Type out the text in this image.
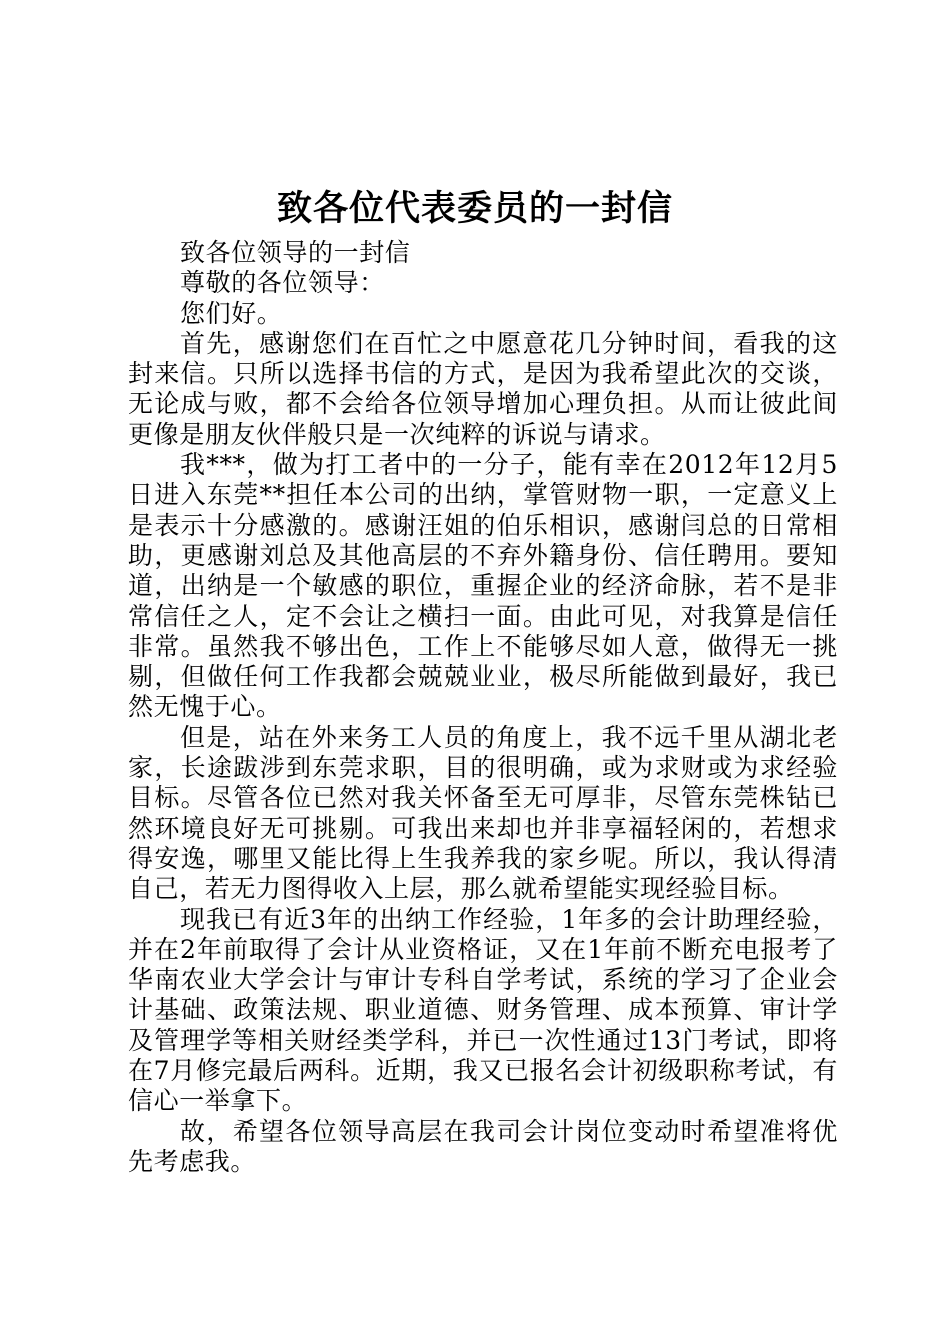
致各位代表委员的一封信

致各位领导的一封信

尊敬的各位领导：

您们好。

首先，感谢您们在百忙之中愿意花几分钟时间，看我的这封来信。只所以选择书信的方式，是因为我希望此次的交谈，无论成与败，都不会给各位领导增加心理负担。从而让彼此间更像是朋友伙伴般只是一次纯粹的诉说与请求。

我***，做为打工者中的一分子，能有幸在2012年12月5日进入东莞**担任本公司的出纳，掌管财物一职，一定意义上是表示十分感激的。感谢汪姐的伯乐相识，感谢闫总的日常相助，更感谢刘总及其他高层的不弃外籍身份、信任聘用。要知道，出纳是一个敏感的职位，重握企业的经济命脉，若不是非常信任之人，定不会让之横扫一面。由此可见，对我算是信任非常。虽然我不够出色，工作上不能够尽如人意，做得无一挑剔，但做任何工作我都会兢兢业业，极尽所能做到最好，我已然无愧于心。

但是，站在外来务工人员的角度上，我不远千里从湖北老家，长途跋涉到东莞求职，目的很明确，或为求财或为求经验目标。尽管各位已然对我关怀备至无可厚非，尽管东莞株钻已然环境良好无可挑剔。可我出来却也并非享福轻闲的，若想求得安逸，哪里又能比得上生我养我的家乡呢。所以，我认得清自己，若无力图得收入上层，那么就希望能实现经验目标。

现我已有近3年的出纳工作经验，1年多的会计助理经验，并在2年前取得了会计从业资格证，又在1年前不断充电报考了华南农业大学会计与审计专科自学考试，系统的学习了企业会计基础、政策法规、职业道德、财务管理、成本预算、审计学及管理学等相关财经类学科，并已一次性通过13门考试，即将在7月修完最后两科。近期，我又已报名会计初级职称考试，有信心一举拿下。

故，希望各位领导高层在我司会计岗位变动时希望准将优先考虑我。
